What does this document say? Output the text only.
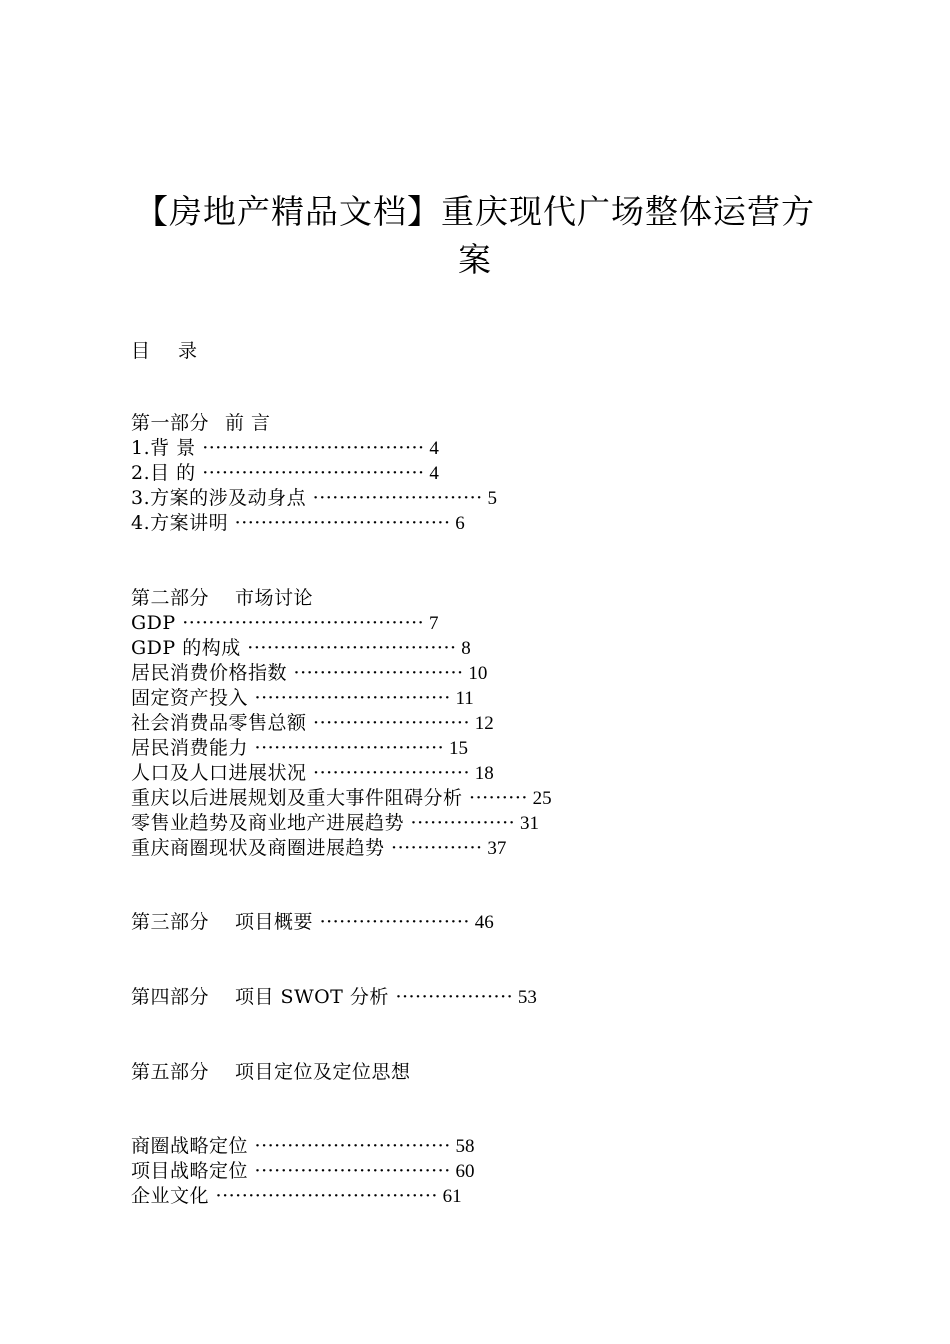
【房地产精品文档】重庆现代广场整体运营方
案
目 录
第一部分 前 言
1.背 景 ·································· 4
2.目 的 ·································· 4
3.方案的涉及动身点 ·························· 5
4.方案讲明 ································· 6
第二部分 市场讨论
GDP ····································· 7
GDP 的构成 ································ 8
居民消费价格指数 ·························· 10
固定资产投入 ······························ 11
社会消费品零售总额 ························ 12
居民消费能力 ····························· 15
人口及人口进展状况 ························ 18
重庆以后进展规划及重大事件阻碍分析 ········· 25
零售业趋势及商业地产进展趋势 ················ 31
重庆商圈现状及商圈进展趋势 ·············· 37
第三部分 项目概要 ······················· 46
第四部分 项目 SWOT 分析 ·················· 53
第五部分 项目定位及定位思想
商圈战略定位 ······························ 58
项目战略定位 ······························ 60
企业文化 ·································· 61
